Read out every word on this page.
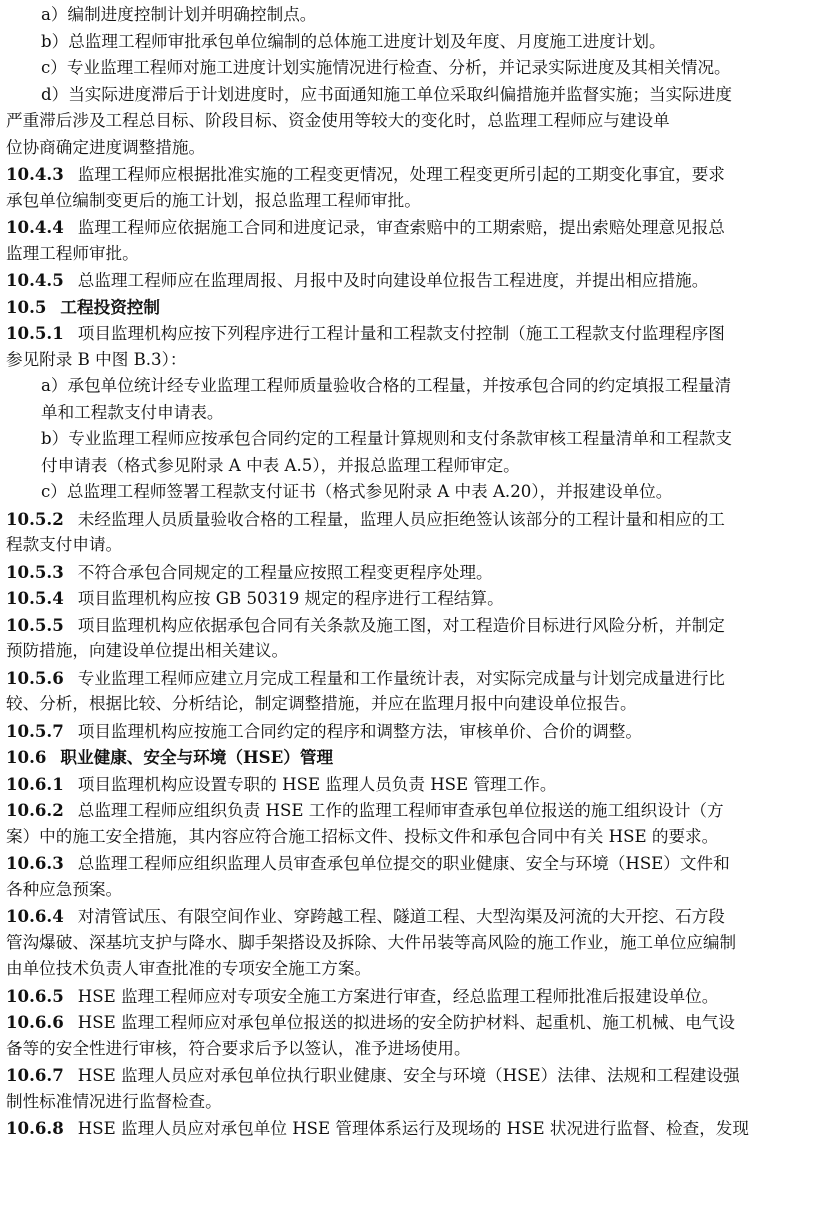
a）编制进度控制计划并明确控制点。
b）总监理工程师审批承包单位编制的总体施工进度计划及年度、月度施工进度计划。
c）专业监理工程师对施工进度计划实施情况进行检查、分析，并记录实际进度及其相关情况。
d）当实际进度滞后于计划进度时，应书面通知施工单位采取纠偏措施并监督实施；当实际进度
严重滞后涉及工程总目标、阶段目标、资金使用等较大的变化时，总监理工程师应与建设单
位协商确定进度调整措施。
10.4.3 监理工程师应根据批准实施的工程变更情况，处理工程变更所引起的工期变化事宜，要求
承包单位编制变更后的施工计划，报总监理工程师审批。
10.4.4 监理工程师应依据施工合同和进度记录，审查索赔中的工期索赔，提出索赔处理意见报总
监理工程师审批。
10.4.5 总监理工程师应在监理周报、月报中及时向建设单位报告工程进度，并提出相应措施。
10.5 工程投资控制
10.5.1 项目监理机构应按下列程序进行工程计量和工程款支付控制（施工工程款支付监理程序图
参见附录 B 中图 B.3）：
a）承包单位统计经专业监理工程师质量验收合格的工程量，并按承包合同的约定填报工程量清
单和工程款支付申请表。
b）专业监理工程师应按承包合同约定的工程量计算规则和支付条款审核工程量清单和工程款支
付申请表（格式参见附录 A 中表 A.5），并报总监理工程师审定。
c）总监理工程师签署工程款支付证书（格式参见附录 A 中表 A.20），并报建设单位。
10.5.2 未经监理人员质量验收合格的工程量，监理人员应拒绝签认该部分的工程计量和相应的工
程款支付申请。
10.5.3 不符合承包合同规定的工程量应按照工程变更程序处理。
10.5.4 项目监理机构应按 GB 50319 规定的程序进行工程结算。
10.5.5 项目监理机构应依据承包合同有关条款及施工图，对工程造价目标进行风险分析，并制定
预防措施，向建设单位提出相关建议。
10.5.6 专业监理工程师应建立月完成工程量和工作量统计表，对实际完成量与计划完成量进行比
较、分析，根据比较、分析结论，制定调整措施，并应在监理月报中向建设单位报告。
10.5.7 项目监理机构应按施工合同约定的程序和调整方法，审核单价、合价的调整。
10.6 职业健康、安全与环境（HSE）管理
10.6.1 项目监理机构应设置专职的 HSE 监理人员负责 HSE 管理工作。
10.6.2 总监理工程师应组织负责 HSE 工作的监理工程师审查承包单位报送的施工组织设计（方
案）中的施工安全措施，其内容应符合施工招标文件、投标文件和承包合同中有关 HSE 的要求。
10.6.3 总监理工程师应组织监理人员审查承包单位提交的职业健康、安全与环境（HSE）文件和
各种应急预案。
10.6.4 对清管试压、有限空间作业、穿跨越工程、隧道工程、大型沟渠及河流的大开挖、石方段
管沟爆破、深基坑支护与降水、脚手架搭设及拆除、大件吊装等高风险的施工作业，施工单位应编制
由单位技术负责人审查批准的专项安全施工方案。
10.6.5 HSE 监理工程师应对专项安全施工方案进行审查，经总监理工程师批准后报建设单位。
10.6.6 HSE 监理工程师应对承包单位报送的拟进场的安全防护材料、起重机、施工机械、电气设
备等的安全性进行审核，符合要求后予以签认，准予进场使用。
10.6.7 HSE 监理人员应对承包单位执行职业健康、安全与环境（HSE）法律、法规和工程建设强
制性标准情况进行监督检查。
10.6.8 HSE 监理人员应对承包单位 HSE 管理体系运行及现场的 HSE 状况进行监督、检查，发现
